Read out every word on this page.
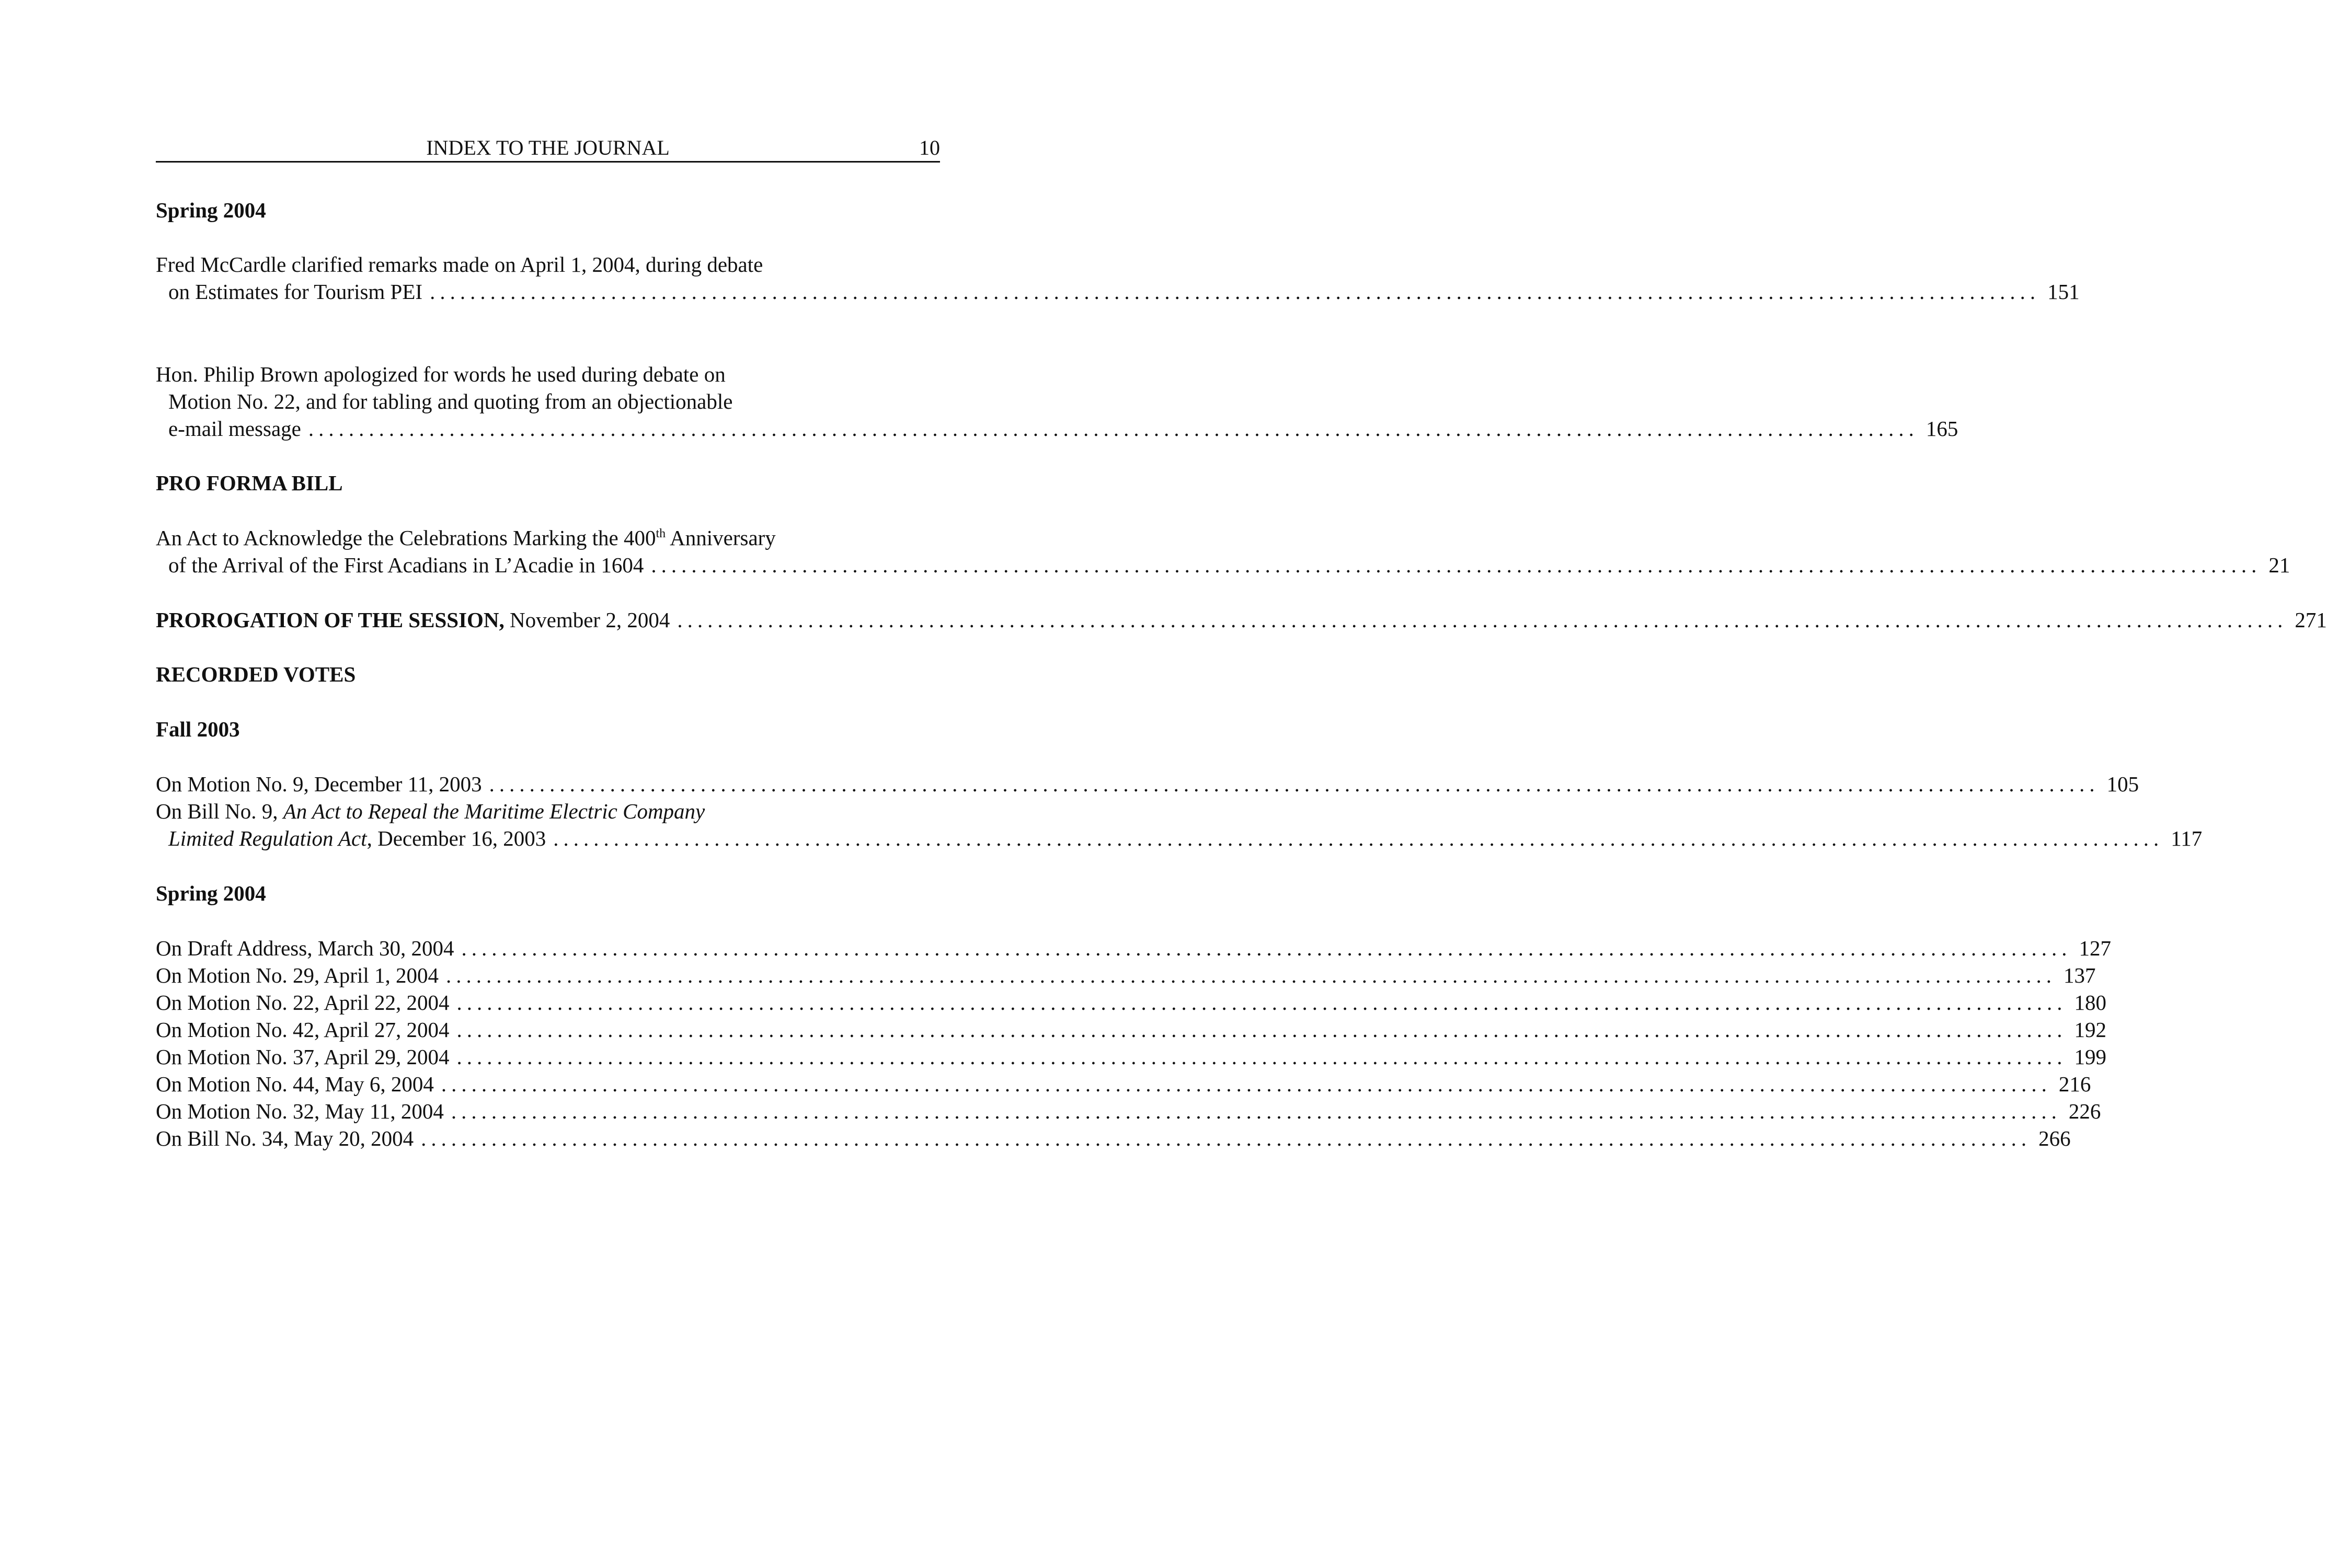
INDEX TO THE JOURNAL	10
Spring 2004
Fred McCardle clarified remarks made on April 1, 2004, during debate
on Estimates for Tourism PEI ................................................................................................................................................................ 151
Hon. Philip Brown apologized for words he used during debate on
Motion No. 22, and for tabling and quoting from an objectionable
e-mail message ................................................................................................................................................................ 165
PRO FORMA BILL
An Act to Acknowledge the Celebrations Marking the 400th Anniversary
of the Arrival of the First Acadians in L’Acadie in 1604 ................................................................................................................................................................ 21
PROROGATION OF THE SESSION, November 2, 2004 ................................................................................................................................................................ 271
RECORDED VOTES
Fall 2003
On Motion No. 9, December 11, 2003 ................................................................................................................................................................ 105
On Bill No. 9, An Act to Repeal the Maritime Electric Company
Limited Regulation Act, December 16, 2003 ................................................................................................................................................................ 117
Spring 2004
On Draft Address, March 30, 2004 ................................................................................................................................................................ 127
On Motion No. 29, April 1, 2004 ................................................................................................................................................................ 137
On Motion No. 22, April 22, 2004 ................................................................................................................................................................ 180
On Motion No. 42, April 27, 2004 ................................................................................................................................................................ 192
On Motion No. 37, April 29, 2004 ................................................................................................................................................................ 199
On Motion No. 44, May 6, 2004 ................................................................................................................................................................ 216
On Motion No. 32, May 11, 2004 ................................................................................................................................................................ 226
On Bill No. 34, May 20, 2004 ................................................................................................................................................................ 266
